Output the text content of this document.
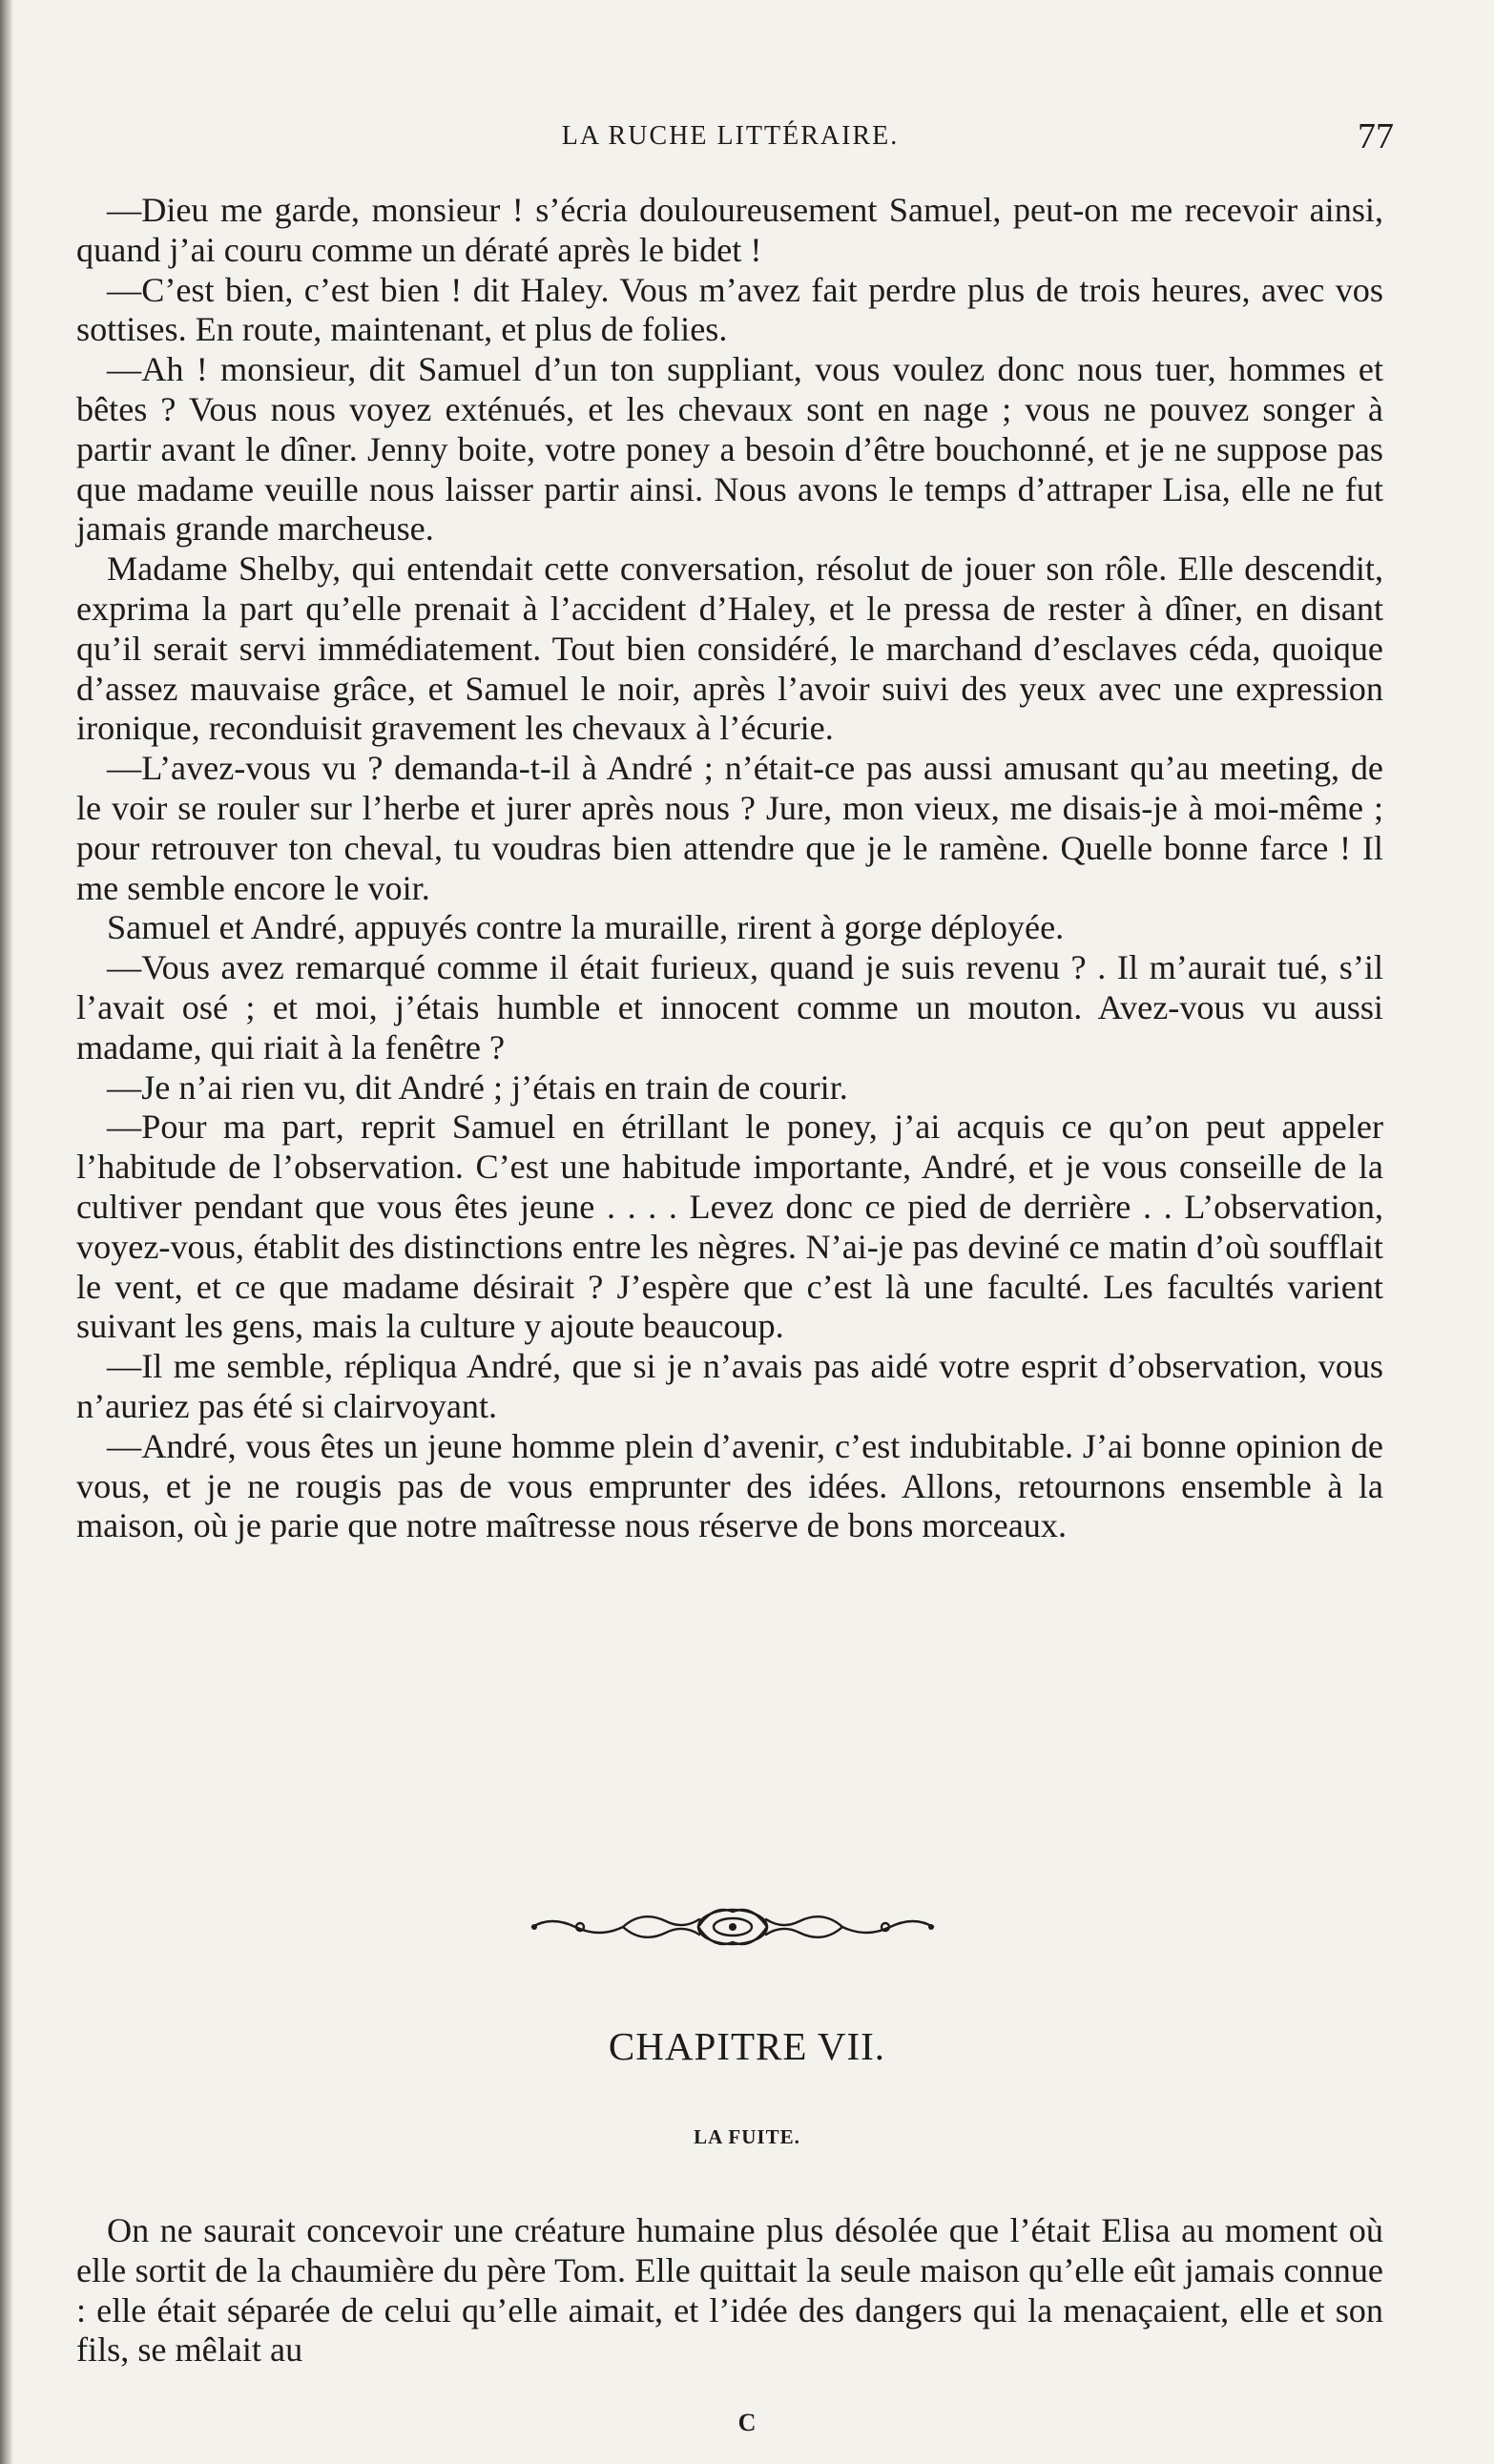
LA RUCHE LITTÉRAIRE.	77

—Dieu me garde, monsieur ! s’écria douloureusement Samuel, peut-on me recevoir ainsi, quand j’ai couru comme un dératé après le bidet !

—C’est bien, c’est bien ! dit Haley. Vous m’avez fait perdre plus de trois heures, avec vos sottises. En route, maintenant, et plus de folies.

—Ah ! monsieur, dit Samuel d’un ton suppliant, vous voulez donc nous tuer, hommes et bêtes ? Vous nous voyez exténués, et les chevaux sont en nage ; vous ne pouvez songer à partir avant le dîner. Jenny boite, votre poney a besoin d’être bouchonné, et je ne suppose pas que madame veuille nous laisser partir ainsi. Nous avons le temps d’attraper Lisa, elle ne fut jamais grande marcheuse.

Madame Shelby, qui entendait cette conversation, résolut de jouer son rôle. Elle descendit, exprima la part qu’elle prenait à l’accident d’Haley, et le pressa de rester à dîner, en disant qu’il serait servi immédiatement. Tout bien considéré, le marchand d’esclaves céda, quoique d’assez mauvaise grâce, et Samuel le noir, après l’avoir suivi des yeux avec une expression ironique, reconduisit gravement les chevaux à l’écurie.

—L’avez-vous vu ? demanda-t-il à André ; n’était-ce pas aussi amusant qu’au meeting, de le voir se rouler sur l’herbe et jurer après nous ? Jure, mon vieux, me disais-je à moi-même ; pour retrouver ton cheval, tu voudras bien attendre que je le ramène. Quelle bonne farce ! Il me semble encore le voir.

Samuel et André, appuyés contre la muraille, rirent à gorge déployée.

—Vous avez remarqué comme il était furieux, quand je suis revenu ? . Il m’aurait tué, s’il l’avait osé ; et moi, j’étais humble et innocent comme un mouton. Avez-vous vu aussi madame, qui riait à la fenêtre ?

—Je n’ai rien vu, dit André ; j’étais en train de courir.

—Pour ma part, reprit Samuel en étrillant le poney, j’ai acquis ce qu’on peut appeler l’habitude de l’observation. C’est une habitude importante, André, et je vous conseille de la cultiver pendant que vous êtes jeune . . . . Levez donc ce pied de derrière . . L’observation, voyez-vous, établit des distinctions entre les nègres. N’ai-je pas deviné ce matin d’où soufflait le vent, et ce que madame désirait ? J’espère que c’est là une faculté. Les facultés varient suivant les gens, mais la culture y ajoute beaucoup.

—Il me semble, répliqua André, que si je n’avais pas aidé votre esprit d’observation, vous n’auriez pas été si clairvoyant.

—André, vous êtes un jeune homme plein d’avenir, c’est indubitable. J’ai bonne opinion de vous, et je ne rougis pas de vous emprunter des idées. Allons, retournons ensemble à la maison, où je parie que notre maîtresse nous réserve de bons morceaux.

CHAPITRE VII.
LA FUITE.

On ne saurait concevoir une créature humaine plus désolée que l’était Elisa au moment où elle sortit de la chaumière du père Tom. Elle quittait la seule maison qu’elle eût jamais connue : elle était séparée de celui qu’elle aimait, et l’idée des dangers qui la menaçaient, elle et son fils, se mêlait au

C
